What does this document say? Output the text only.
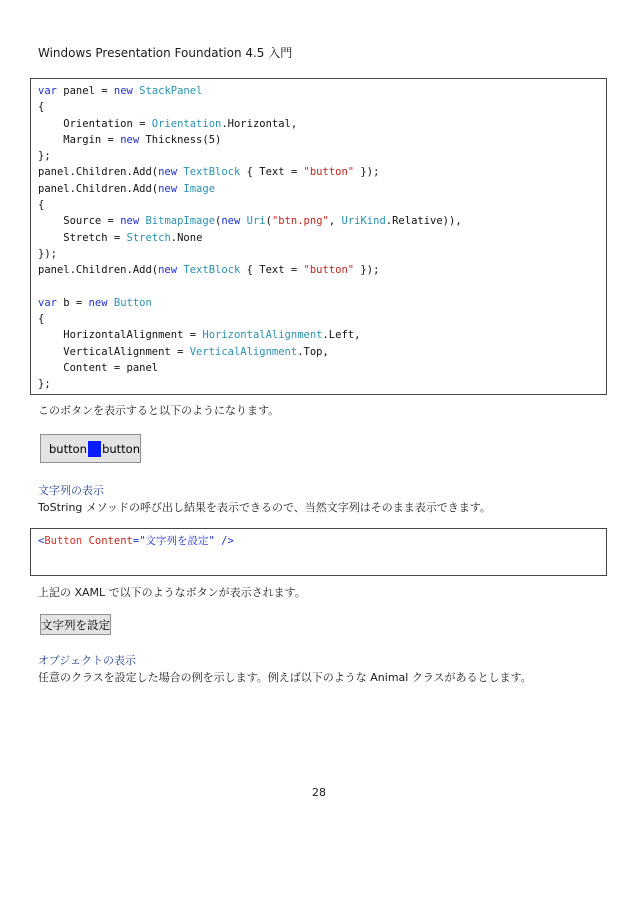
Windows Presentation Foundation 4.5 入門
var panel = new StackPanel
{
Orientation = Orientation.Horizontal,
Margin = new Thickness(5)
};
panel.Children.Add(new TextBlock { Text = "button" });
panel.Children.Add(new Image
{
Source = new BitmapImage(new Uri("btn.png", UriKind.Relative)),
Stretch = Stretch.None
});
panel.Children.Add(new TextBlock { Text = "button" });

var b = new Button
{
HorizontalAlignment = HorizontalAlignment.Left,
VerticalAlignment = VerticalAlignment.Top,
Content = panel
};
このボタンを表示すると以下のようになります。
button button
文字列の表示
ToString メソッドの呼び出し結果を表示できるので、当然文字列はそのまま表示できます。
<Button Content="文字列を設定" />
上記の XAML で以下のようなボタンが表示されます。
文字列を設定
オブジェクトの表示
任意のクラスを設定した場合の例を示します。例えば以下のような Animal クラスがあるとします。
28
